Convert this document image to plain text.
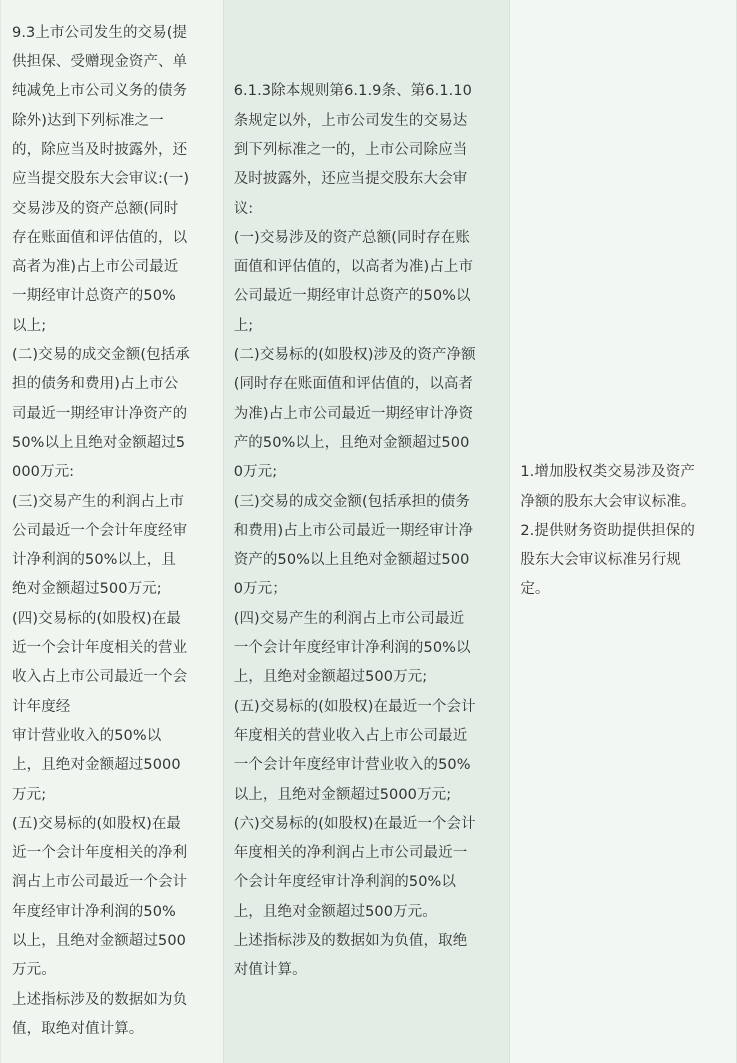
9.3上市公司发生的交易(提
供担保、受赠现金资产、单
纯减免上市公司义务的债务
除外)达到下列标准之一
的，除应当及时披露外，还
应当提交股东大会审议:(一)
交易涉及的资产总额(同时
存在账面值和评估值的，以
高者为准)占上市公司最近
一期经审计总资产的50%
以上;
(二)交易的成交金额(包括承
担的债务和费用)占上市公
司最近一期经审计净资产的
50%以上且绝对金额超过5
000万元:
(三)交易产生的利润占上市
公司最近一个会计年度经审
计净利润的50%以上，且
绝对金额超过500万元;
(四)交易标的(如股权)在最
近一个会计年度相关的营业
收入占上市公司最近一个会
计年度经
审计营业收入的50%以
上，且绝对金额超过5000
万元;
(五)交易标的(如股权)在最
近一个会计年度相关的净利
润占上市公司最近一个会计
年度经审计净利润的50%
以上，且绝对金额超过500
万元。
上述指标涉及的数据如为负
值，取绝对值计算。
6.1.3除本规则第6.1.9条、第6.1.10
条规定以外，上市公司发生的交易达
到下列标准之一的，上市公司除应当
及时披露外，还应当提交股东大会审
议:
(一)交易涉及的资产总额(同时存在账
面值和评估值的，以高者为准)占上市
公司最近一期经审计总资产的50%以
上;
(二)交易标的(如股权)涉及的资产净额
(同时存在账面值和评估值的，以高者
为准)占上市公司最近一期经审计净资
产的50%以上，且绝对金额超过500
0万元;
(三)交易的成交金额(包括承担的债务
和费用)占上市公司最近一期经审计净
资产的50%以上且绝对金额超过500
0万元；
(四)交易产生的利润占上市公司最近
一个会计年度经审计净利润的50%以
上，且绝对金额超过500万元;
(五)交易标的(如股权)在最近一个会计
年度相关的营业收入占上市公司最近
一个会计年度经审计营业收入的50%
以上，且绝对金额超过5000万元;
(六)交易标的(如股权)在最近一个会计
年度相关的净利润占上市公司最近一
个会计年度经审计净利润的50%以
上，且绝对金额超过500万元。
上述指标涉及的数据如为负值，取绝
对值计算。
1.增加股权类交易涉及资产
净额的股东大会审议标准。
2.提供财务资助提供担保的
股东大会审议标准另行规
定。
